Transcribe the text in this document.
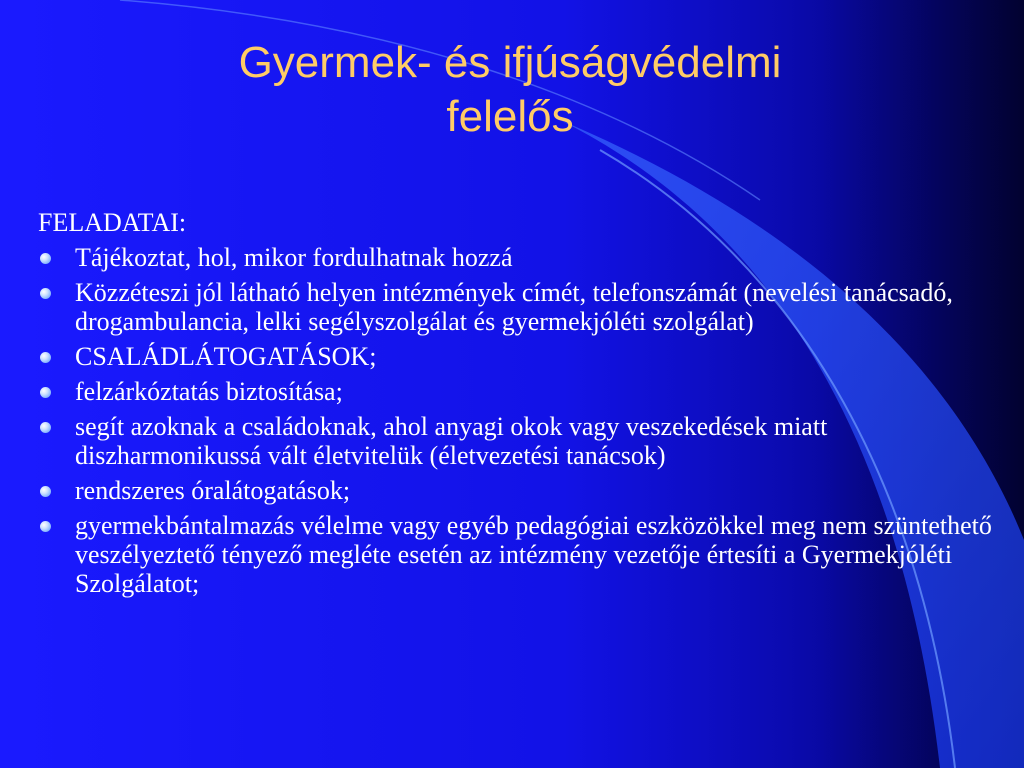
Gyermek- és ifjúságvédelmi
felelős
FELADATAI:
Tájékoztat, hol, mikor fordulhatnak hozzá
Közzéteszi jól látható helyen intézmények címét, telefonszámát (nevelési tanácsadó, drogambulancia, lelki segélyszolgálat és gyermekjóléti szolgálat)
CSALÁDLÁTOGATÁSOK;
felzárkóztatás biztosítása;
segít azoknak a családoknak, ahol anyagi okok vagy veszekedések miatt diszharmonikussá vált életvitelük (életvezetési tanácsok)
rendszeres óralátogatások;
gyermekbántalmazás vélelme vagy egyéb pedagógiai eszközökkel meg nem szüntethető veszélyeztető tényező megléte esetén az intézmény vezetője értesíti a Gyermekjóléti Szolgálatot;
